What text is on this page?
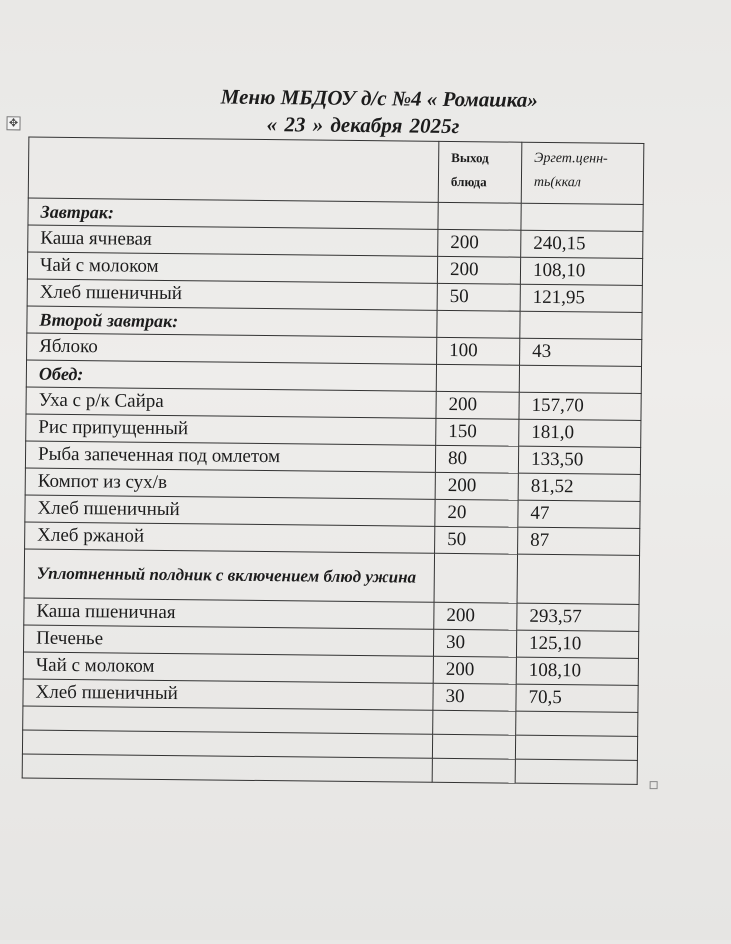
Меню МБДОУ д/с №4 « Ромашка»
« 23 » декабря 2025г
✥
	Выход блюда	Эргет.ценн-ть(ккал
Завтрак:		
Каша ячневая	200	240,15
Чай с молоком	200	108,10
Хлеб пшеничный	50	121,95
Второй завтрак:		
Яблоко	100	43
Обед:		
Уха с р/к Сайра	200	157,70
Рис припущенный	150	181,0
Рыба запеченная под омлетом	80	133,50
Компот из сух/в	200	81,52
Хлеб пшеничный	20	47
Хлеб ржаной	50	87
Уплотненный полдник с включением блюд ужина		
Каша пшеничная	200	293,57
Печенье	30	125,10
Чай с молоком	200	108,10
Хлеб пшеничный	30	70,5
